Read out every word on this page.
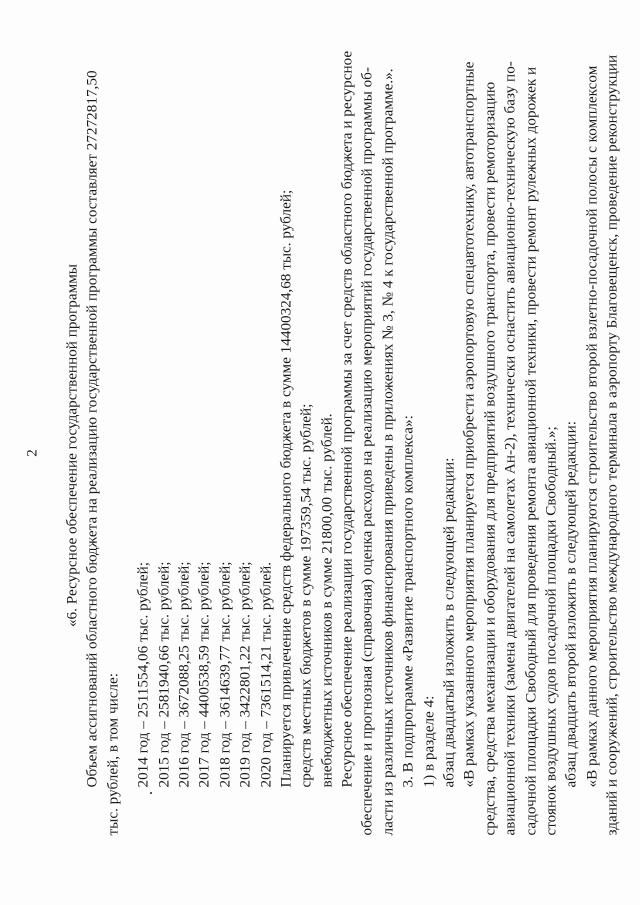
2 «6. Ресурсное обеспечение государственной программы Объем ассигнований областного бюджета на реализацию государственной программы составляет 27272817,50 тыс. рублей, в том числе: 2014 год – 2511554,06 тыс. рублей; 2015 год – 2581940,66 тыс. рублей; 2016 год – 3672088,25 тыс. рублей; 2017 год – 4400538,59 тыс. рублей; 2018 год – 3614639,77 тыс. рублей; 2019 год – 3422801,22 тыс. рублей; 2020 год – 7361514,21 тыс. рублей. Планируется привлечение средств федерального бюджета в сумме 14400324,68 тыс. рублей; средств местных бюджетов в сумме 197359,54 тыс. рублей; внебюджетных источников в сумме 21800,00 тыс. рублей. Ресурсное обеспечение реализации государственной программы за счет средств областного бюджета и ресурсное обеспечение и прогнозная (справочная) оценка расходов на реализацию мероприятий государственной программы об- ласти из различных источников финансирования приведены в приложениях № 3, № 4 к государственной программе.». 3. В подпрограмме «Развитие транспортного комплекса»: 1) в разделе 4: абзац двадцатый изложить в следующей редакции: «В рамках указанного мероприятия планируется приобрести аэропортовую спецавтотехнику, автотранспортные средства, средства механизации и оборудования для предприятий воздушного транспорта, провести ремоторизацию авиационной техники (замена двигателей на самолетах Ан-2), технически оснастить авиационно-техническую базу по- садочной площадки Свободный для проведения ремонта авиационной техники, провести ремонт рулежных дорожек и стоянок воздушных судов посадочной площадки Свободный.»; абзац двадцать второй изложить в следующей редакции: «В рамках данного мероприятия планируются строительство второй взлетно-посадочной полосы с комплексом зданий и сооружений, строительство международного терминала в аэропорту Благовещенск, проведение реконструкции
